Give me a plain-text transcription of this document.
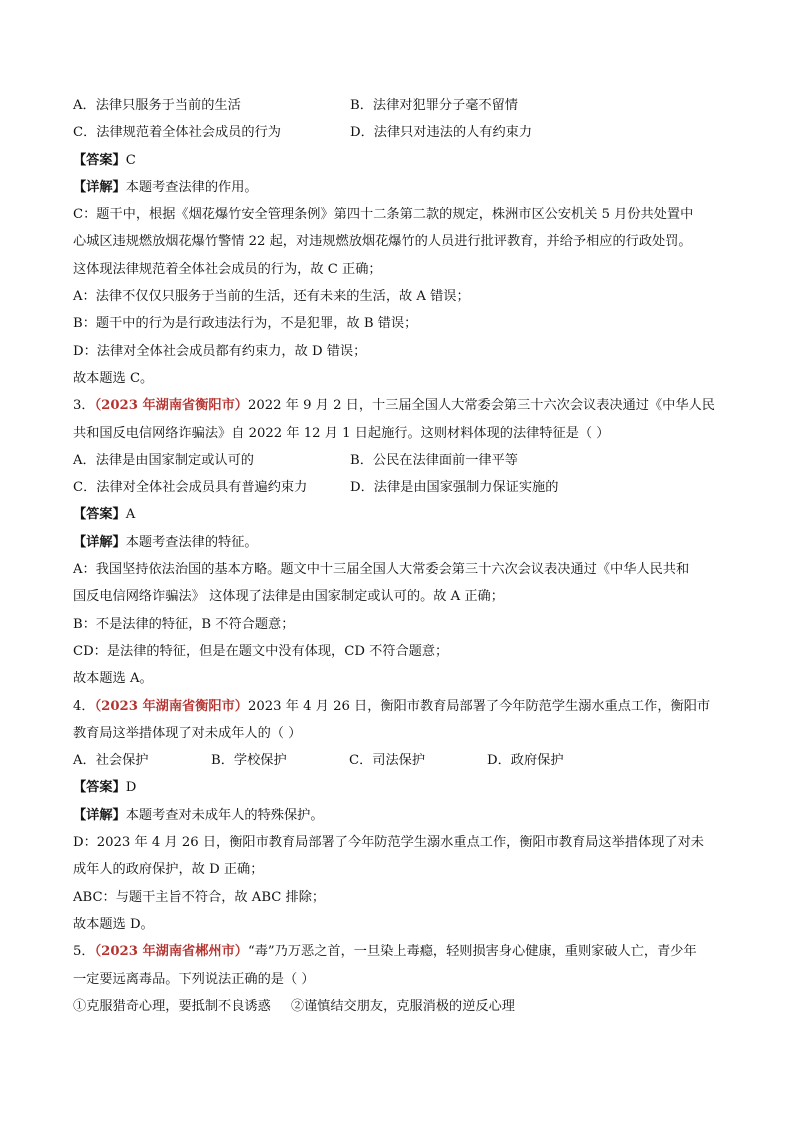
A．法律只服务于当前的生活	B．法律对犯罪分子毫不留情
C．法律规范着全体社会成员的行为	D．法律只对违法的人有约束力
【答案】C
【详解】本题考查法律的作用。
C：题干中，根据《烟花爆竹安全管理条例》第四十二条第二款的规定，株洲市区公安机关 5 月份共处置中
心城区违规燃放烟花爆竹警情 22 起，对违规燃放烟花爆竹的人员进行批评教育，并给予相应的行政处罚。
这体现法律规范着全体社会成员的行为，故 C 正确；
A：法律不仅仅只服务于当前的生活，还有未来的生活，故 A 错误；
B：题干中的行为是行政违法行为，不是犯罪，故 B 错误；
D：法律对全体社会成员都有约束力，故 D 错误；
故本题选 C。
3．（2023 年湖南省衡阳市）2022 年 9 月 2 日，十三届全国人大常委会第三十六次会议表决通过《中华人民
共和国反电信网络诈骗法》自 2022 年 12 月 1 日起施行。这则材料体现的法律特征是（ ）
A．法律是由国家制定或认可的	B．公民在法律面前一律平等
C．法律对全体社会成员具有普遍约束力	D．法律是由国家强制力保证实施的
【答案】A
【详解】本题考查法律的特征。
A：我国坚持依法治国的基本方略。题文中十三届全国人大常委会第三十六次会议表决通过《中华人民共和
国反电信网络诈骗法》 这体现了法律是由国家制定或认可的。故 A 正确；
B：不是法律的特征，B 不符合题意；
CD：是法律的特征，但是在题文中没有体现，CD 不符合题意；
故本题选 A。
4．（2023 年湖南省衡阳市）2023 年 4 月 26 日，衡阳市教育局部署了今年防范学生溺水重点工作，衡阳市
教育局这举措体现了对未成年人的（ ）
A．社会保护	B．学校保护	C．司法保护	D．政府保护
【答案】D
【详解】本题考查对未成年人的特殊保护。
D：2023 年 4 月 26 日，衡阳市教育局部署了今年防范学生溺水重点工作，衡阳市教育局这举措体现了对未
成年人的政府保护，故 D 正确；
ABC：与题干主旨不符合，故 ABC 排除；
故本题选 D。
5．（2023 年湖南省郴州市）“毒”乃万恶之首，一旦染上毒瘾，轻则损害身心健康，重则家破人亡，青少年
一定要远离毒品。下列说法正确的是（ ）
①克服猎奇心理，要抵制不良诱惑 ②谨慎结交朋友，克服消极的逆反心理
